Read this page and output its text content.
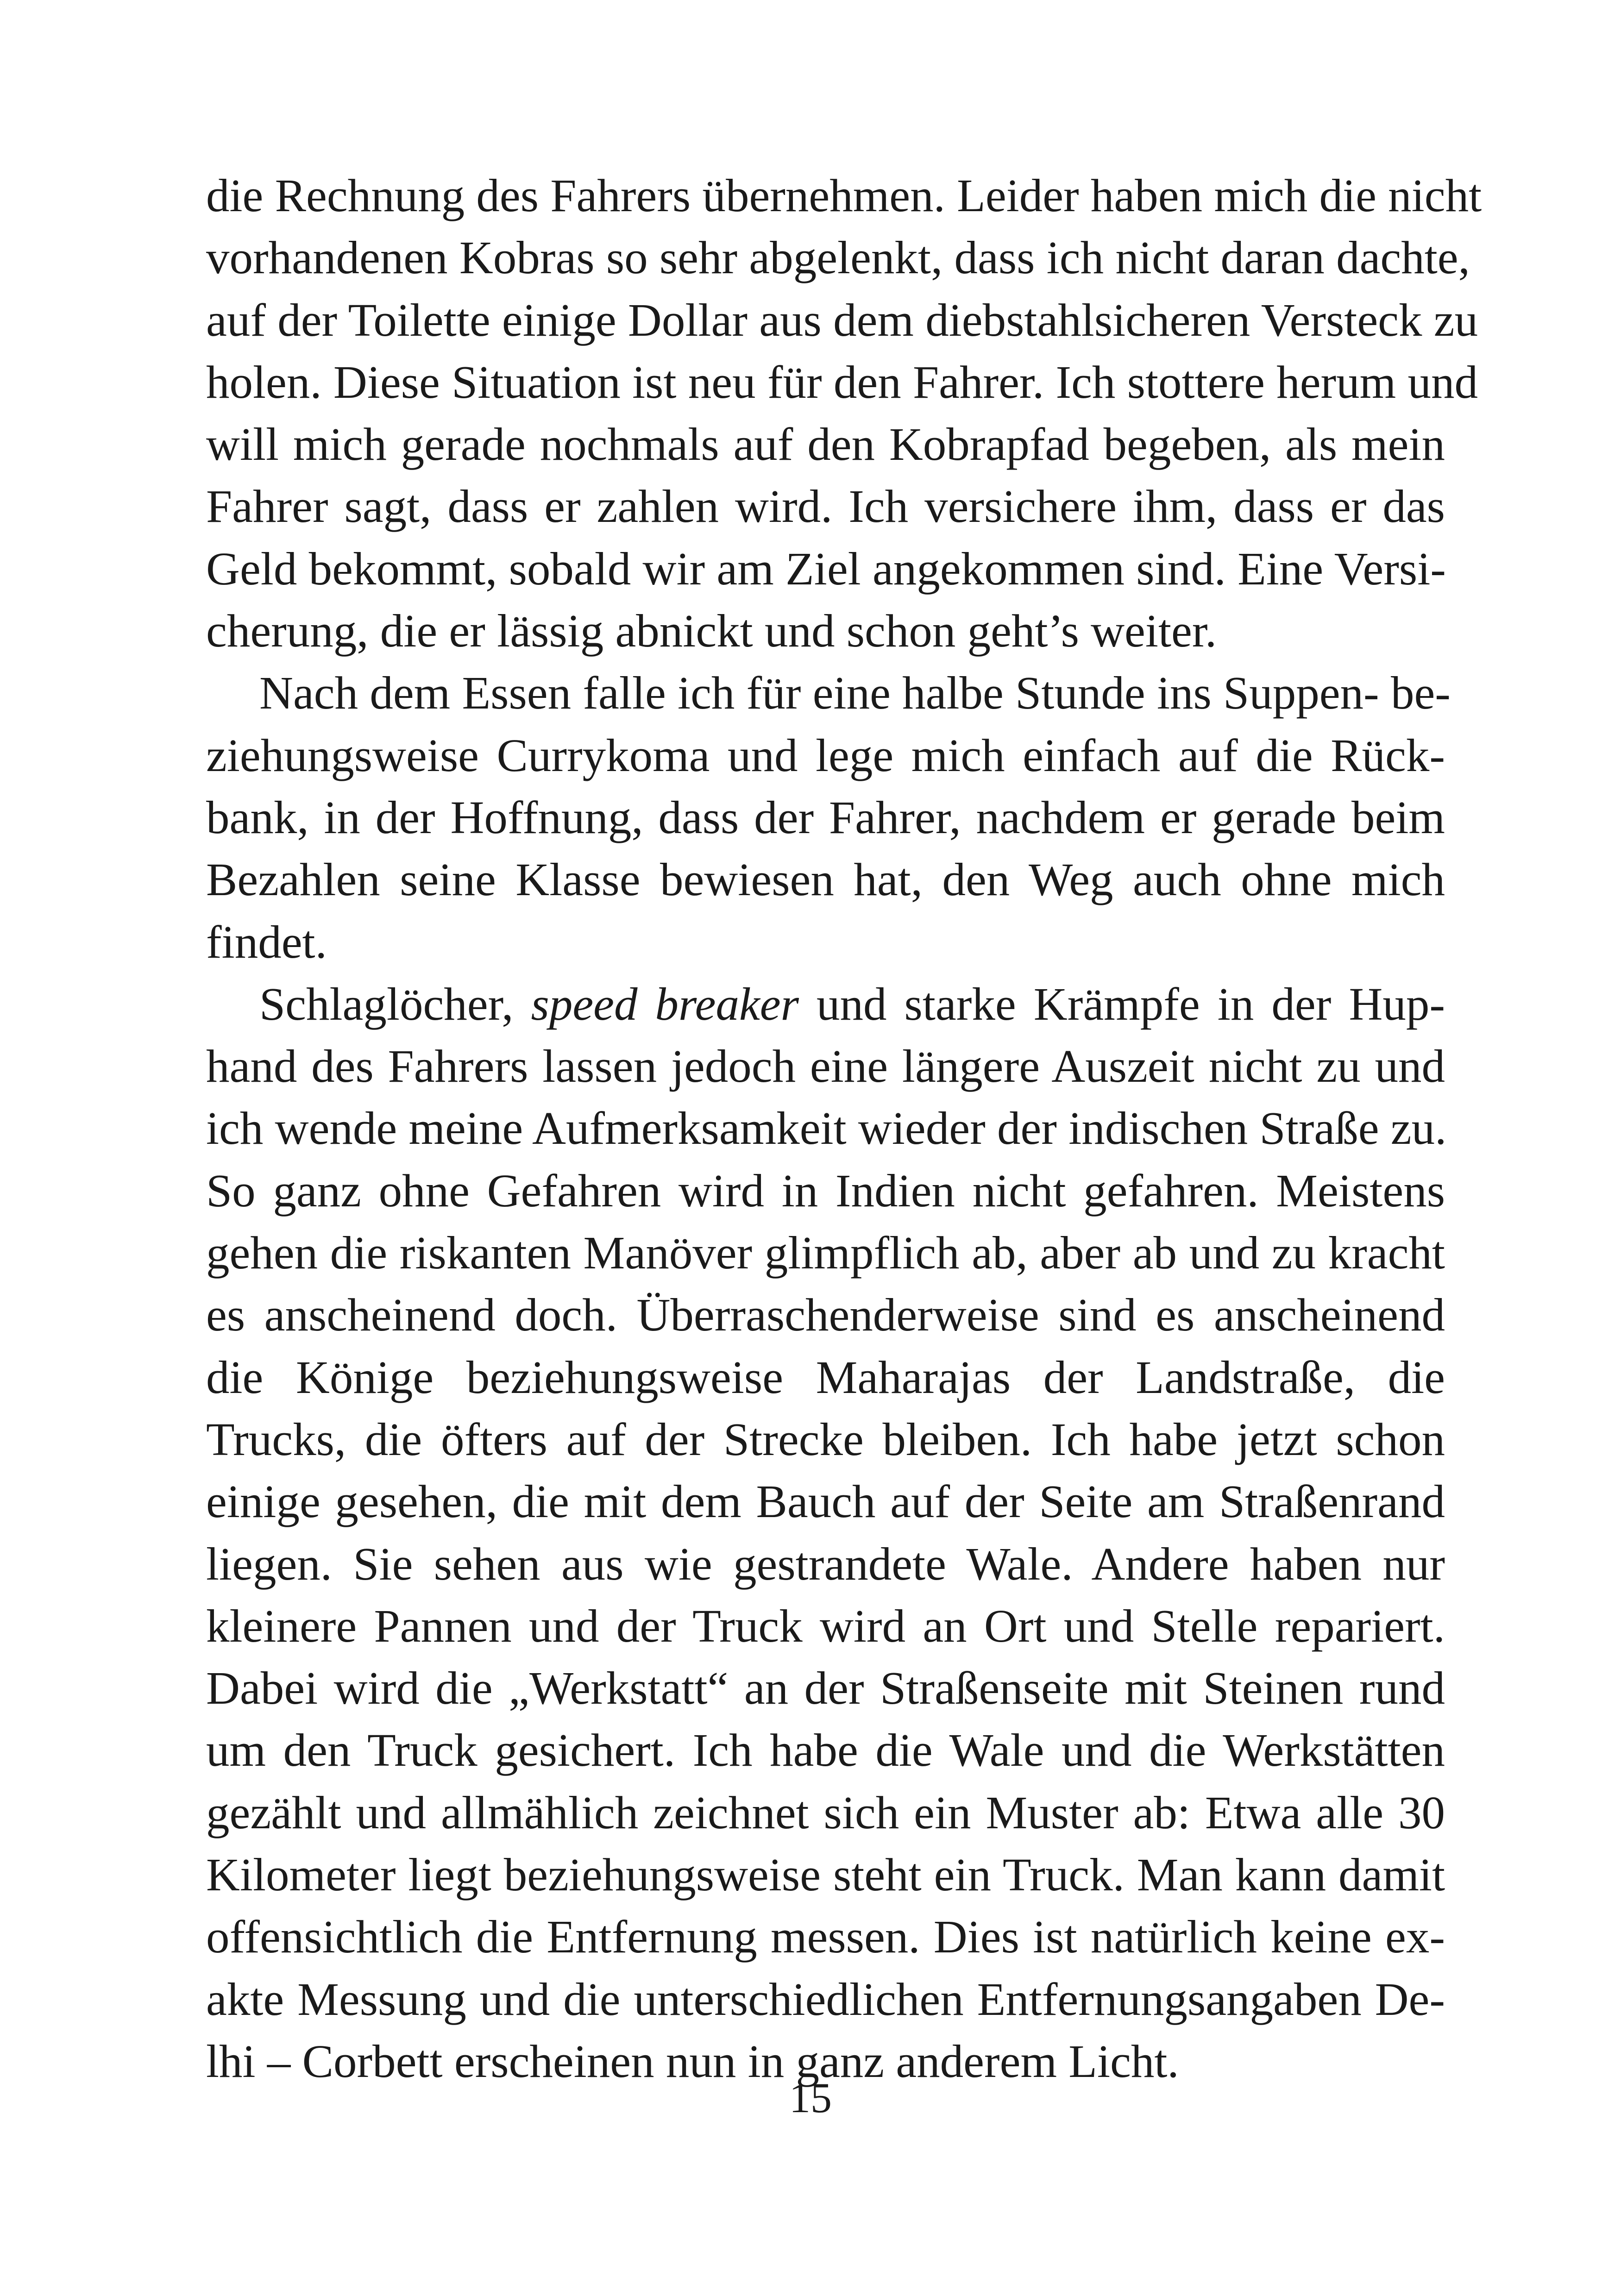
die Rechnung des Fahrers übernehmen. Leider haben mich die nicht
vorhandenen Kobras so sehr abgelenkt, dass ich nicht daran dachte,
auf der Toilette einige Dollar aus dem diebstahlsicheren Versteck zu
holen. Diese Situation ist neu für den Fahrer. Ich stottere herum und
will mich gerade nochmals auf den Kobrapfad begeben, als mein
Fahrer sagt, dass er zahlen wird. Ich versichere ihm, dass er das
Geld bekommt, sobald wir am Ziel angekommen sind. Eine Versi-
cherung, die er lässig abnickt und schon geht’s weiter.

Nach dem Essen falle ich für eine halbe Stunde ins Suppen- be-
ziehungsweise Currykoma und lege mich einfach auf die Rück-
bank, in der Hoffnung, dass der Fahrer, nachdem er gerade beim
Bezahlen seine Klasse bewiesen hat, den Weg auch ohne mich
findet.

Schlaglöcher, speed breaker und starke Krämpfe in der Hup-
hand des Fahrers lassen jedoch eine längere Auszeit nicht zu und
ich wende meine Aufmerksamkeit wieder der indischen Straße zu.
So ganz ohne Gefahren wird in Indien nicht gefahren. Meistens
gehen die riskanten Manöver glimpflich ab, aber ab und zu kracht
es anscheinend doch. Überraschenderweise sind es anscheinend
die Könige beziehungsweise Maharajas der Landstraße, die
Trucks, die öfters auf der Strecke bleiben. Ich habe jetzt schon
einige gesehen, die mit dem Bauch auf der Seite am Straßenrand
liegen. Sie sehen aus wie gestrandete Wale. Andere haben nur
kleinere Pannen und der Truck wird an Ort und Stelle repariert.
Dabei wird die „Werkstatt“ an der Straßenseite mit Steinen rund
um den Truck gesichert. Ich habe die Wale und die Werkstätten
gezählt und allmählich zeichnet sich ein Muster ab: Etwa alle 30
Kilometer liegt beziehungsweise steht ein Truck. Man kann damit
offensichtlich die Entfernung messen. Dies ist natürlich keine ex-
akte Messung und die unterschiedlichen Entfernungsangaben De-
lhi – Corbett erscheinen nun in ganz anderem Licht.

15
